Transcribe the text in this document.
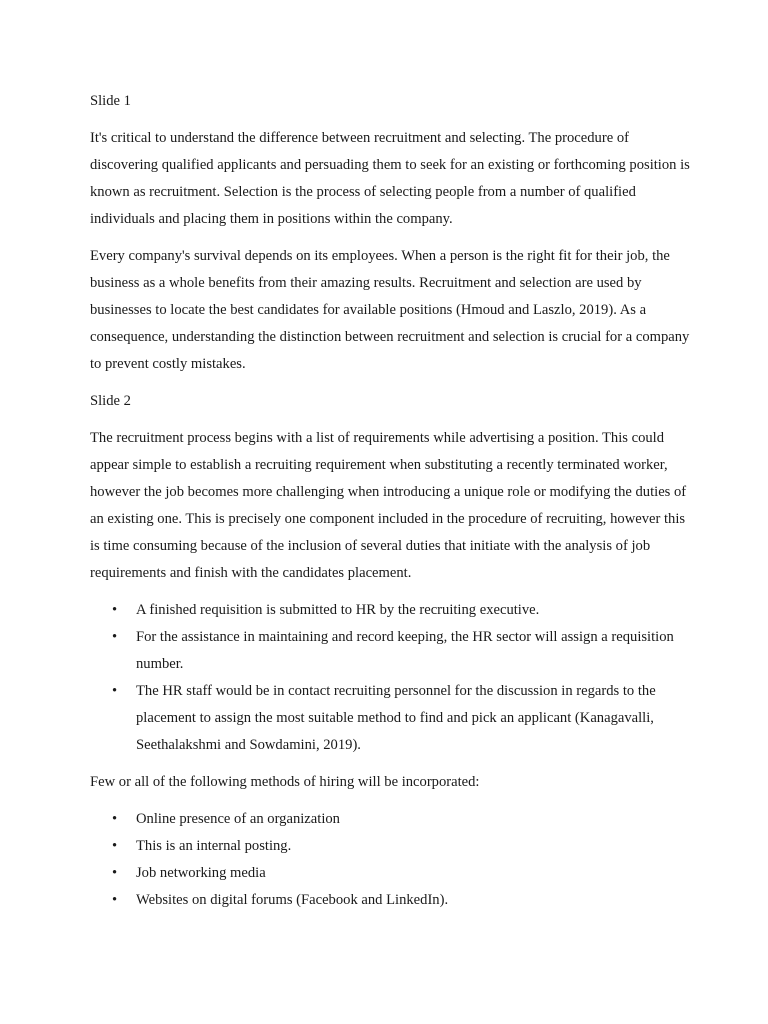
Slide 1

It's critical to understand the difference between recruitment and selecting. The procedure of discovering qualified applicants and persuading them to seek for an existing or forthcoming position is known as recruitment. Selection is the process of selecting people from a number of qualified individuals and placing them in positions within the company.

Every company's survival depends on its employees. When a person is the right fit for their job, the business as a whole benefits from their amazing results. Recruitment and selection are used by businesses to locate the best candidates for available positions (Hmoud and Laszlo, 2019). As a consequence, understanding the distinction between recruitment and selection is crucial for a company to prevent costly mistakes.

Slide 2

The recruitment process begins with a list of requirements while advertising a position. This could appear simple to establish a recruiting requirement when substituting a recently terminated worker, however the job becomes more challenging when introducing a unique role or modifying the duties of an existing one. This is precisely one component included in the procedure of recruiting, however this is time consuming because of the inclusion of several duties that initiate with the analysis of job requirements and finish with the candidates placement.

•	A finished requisition is submitted to HR by the recruiting executive.
•	For the assistance in maintaining and record keeping, the HR sector will assign a requisition number.
•	The HR staff would be in contact recruiting personnel for the discussion in regards to the placement to assign the most suitable method to find and pick an applicant (Kanagavalli, Seethalakshmi and Sowdamini, 2019).

Few or all of the following methods of hiring will be incorporated:

•	Online presence of an organization
•	This is an internal posting.
•	Job networking media
•	Websites on digital forums (Facebook and LinkedIn).
